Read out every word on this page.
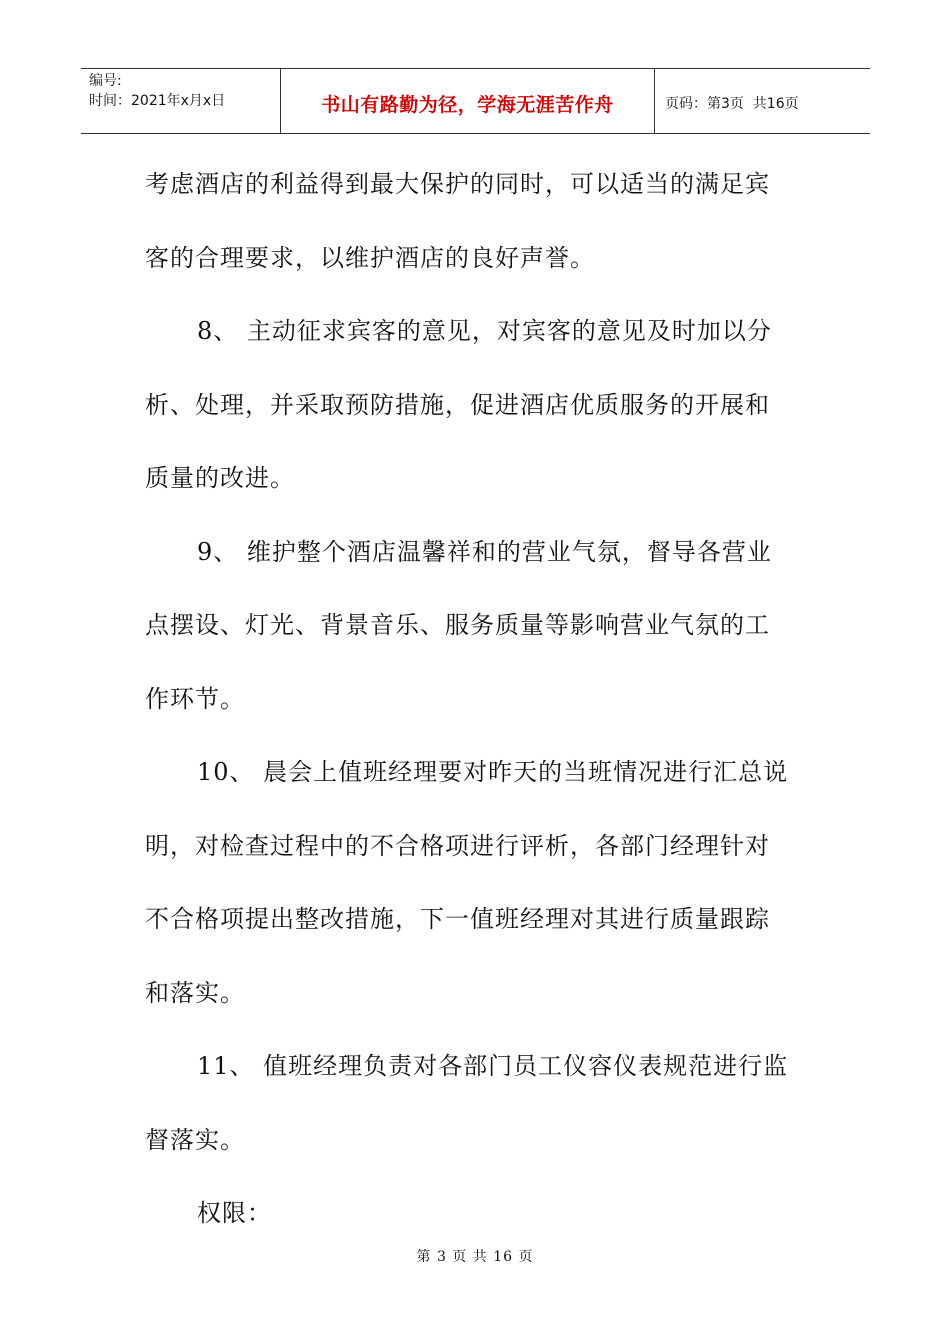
编号:
时间：2021年x月x日	书山有路勤为径，学海无涯苦作舟	页码：第3页  共16页

考虑酒店的利益得到最大保护的同时，可以适当的满足宾

客的合理要求，以维护酒店的良好声誉。

8、 主动征求宾客的意见，对宾客的意见及时加以分

析、处理，并采取预防措施，促进酒店优质服务的开展和

质量的改进。

9、 维护整个酒店温馨祥和的营业气氛，督导各营业

点摆设、灯光、背景音乐、服务质量等影响营业气氛的工

作环节。

10、 晨会上值班经理要对昨天的当班情况进行汇总说

明，对检查过程中的不合格项进行评析，各部门经理针对

不合格项提出整改措施，下一值班经理对其进行质量跟踪

和落实。

11、 值班经理负责对各部门员工仪容仪表规范进行监

督落实。

权限：

第 3 页 共 16 页
